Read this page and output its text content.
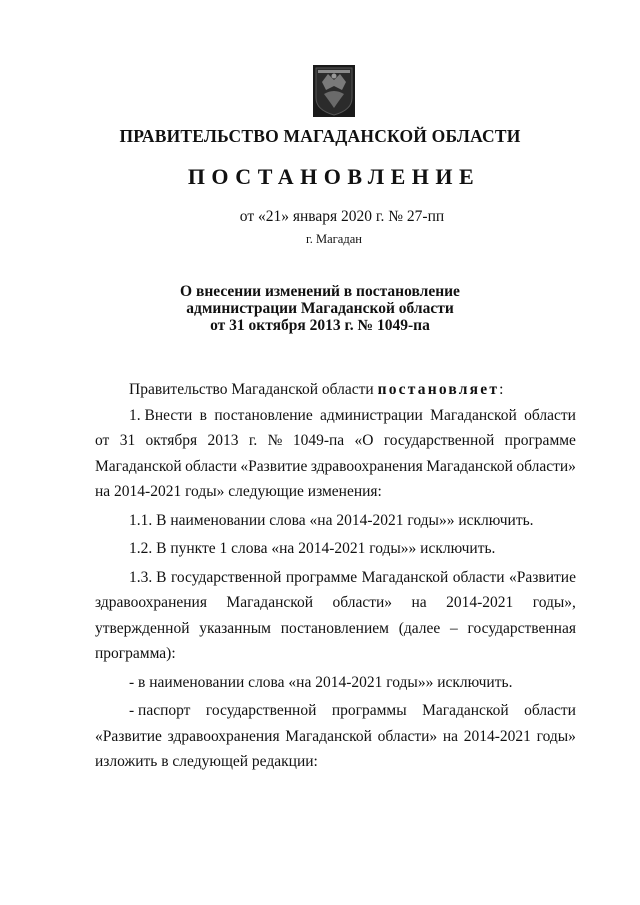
ПРАВИТЕЛЬСТВО МАГАДАНСКОЙ ОБЛАСТИ
ПОСТАНОВЛЕНИЕ
от «21» января 2020 г. № 27-пп
г. Магадан
О внесении изменений в постановление
администрации Магаданской области
от 31 октября 2013 г. № 1049-па
Правительство Магаданской области постановляет:
1. Внести в постановление администрации Магаданской области
от 31 октября 2013 г. № 1049-па «О государственной программе
Магаданской области «Развитие здравоохранения Магаданской области»
на 2014-2021 годы» следующие изменения:
1.1. В наименовании слова «на 2014-2021 годы»» исключить.
1.2. В пункте 1 слова «на 2014-2021 годы»» исключить.
1.3. В государственной программе Магаданской области «Развитие
здравоохранения Магаданской области» на 2014-2021 годы»,
утвержденной указанным постановлением (далее – государственная
программа):
- в наименовании слова «на 2014-2021 годы»» исключить.
- паспорт государственной программы Магаданской области
«Развитие здравоохранения Магаданской области» на 2014-2021 годы»
изложить в следующей редакции:
